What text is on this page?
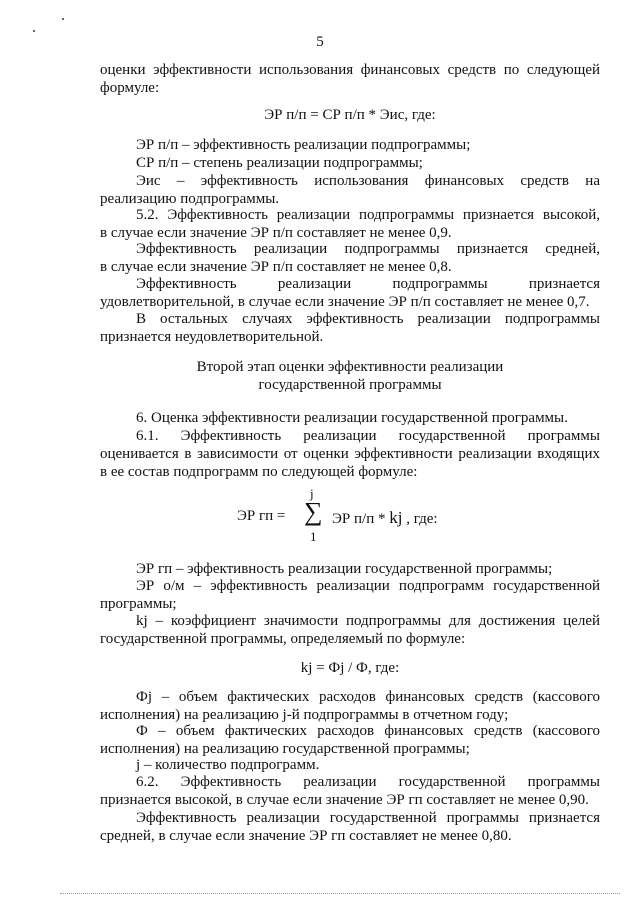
5
оценки эффективности использования финансовых средств по следующей
формуле:
ЭР п/п = СР п/п * Эис, где:
ЭР п/п – эффективность реализации подпрограммы;
СР п/п – степень реализации подпрограммы;
Эис – эффективность использования финансовых средств на
реализацию подпрограммы.
5.2. Эффективность реализации подпрограммы признается высокой,
в случае если значение ЭР п/п составляет не менее 0,9.
Эффективность реализации подпрограммы признается средней,
в случае если значение ЭР п/п составляет не менее 0,8.
Эффективность реализации подпрограммы признается
удовлетворительной, в случае если значение ЭР п/п составляет не менее 0,7.
В остальных случаях эффективность реализации подпрограммы
признается неудовлетворительной.
Второй этап оценки эффективности реализации
государственной программы
6. Оценка эффективности реализации государственной программы.
6.1. Эффективность реализации государственной программы
оценивается в зависимости от оценки эффективности реализации входящих
в ее состав подпрограмм по следующей формуле:
j
ЭР гп = ∑
1
ЭР п/п * kj , где:
ЭР гп – эффективность реализации государственной программы;
ЭР о/м – эффективность реализации подпрограмм государственной
программы;
kj – коэффициент значимости подпрограммы для достижения целей
государственной программы, определяемый по формуле:
kj = Фj / Ф, где:
Фj – объем фактических расходов финансовых средств (кассового
исполнения) на реализацию j-й подпрограммы в отчетном году;
Ф – объем фактических расходов финансовых средств (кассового
исполнения) на реализацию государственной программы;
j – количество подпрограмм.
6.2. Эффективность реализации государственной программы
признается высокой, в случае если значение ЭР гп составляет не менее 0,90.
Эффективность реализации государственной программы признается
средней, в случае если значение ЭР гп составляет не менее 0,80.
